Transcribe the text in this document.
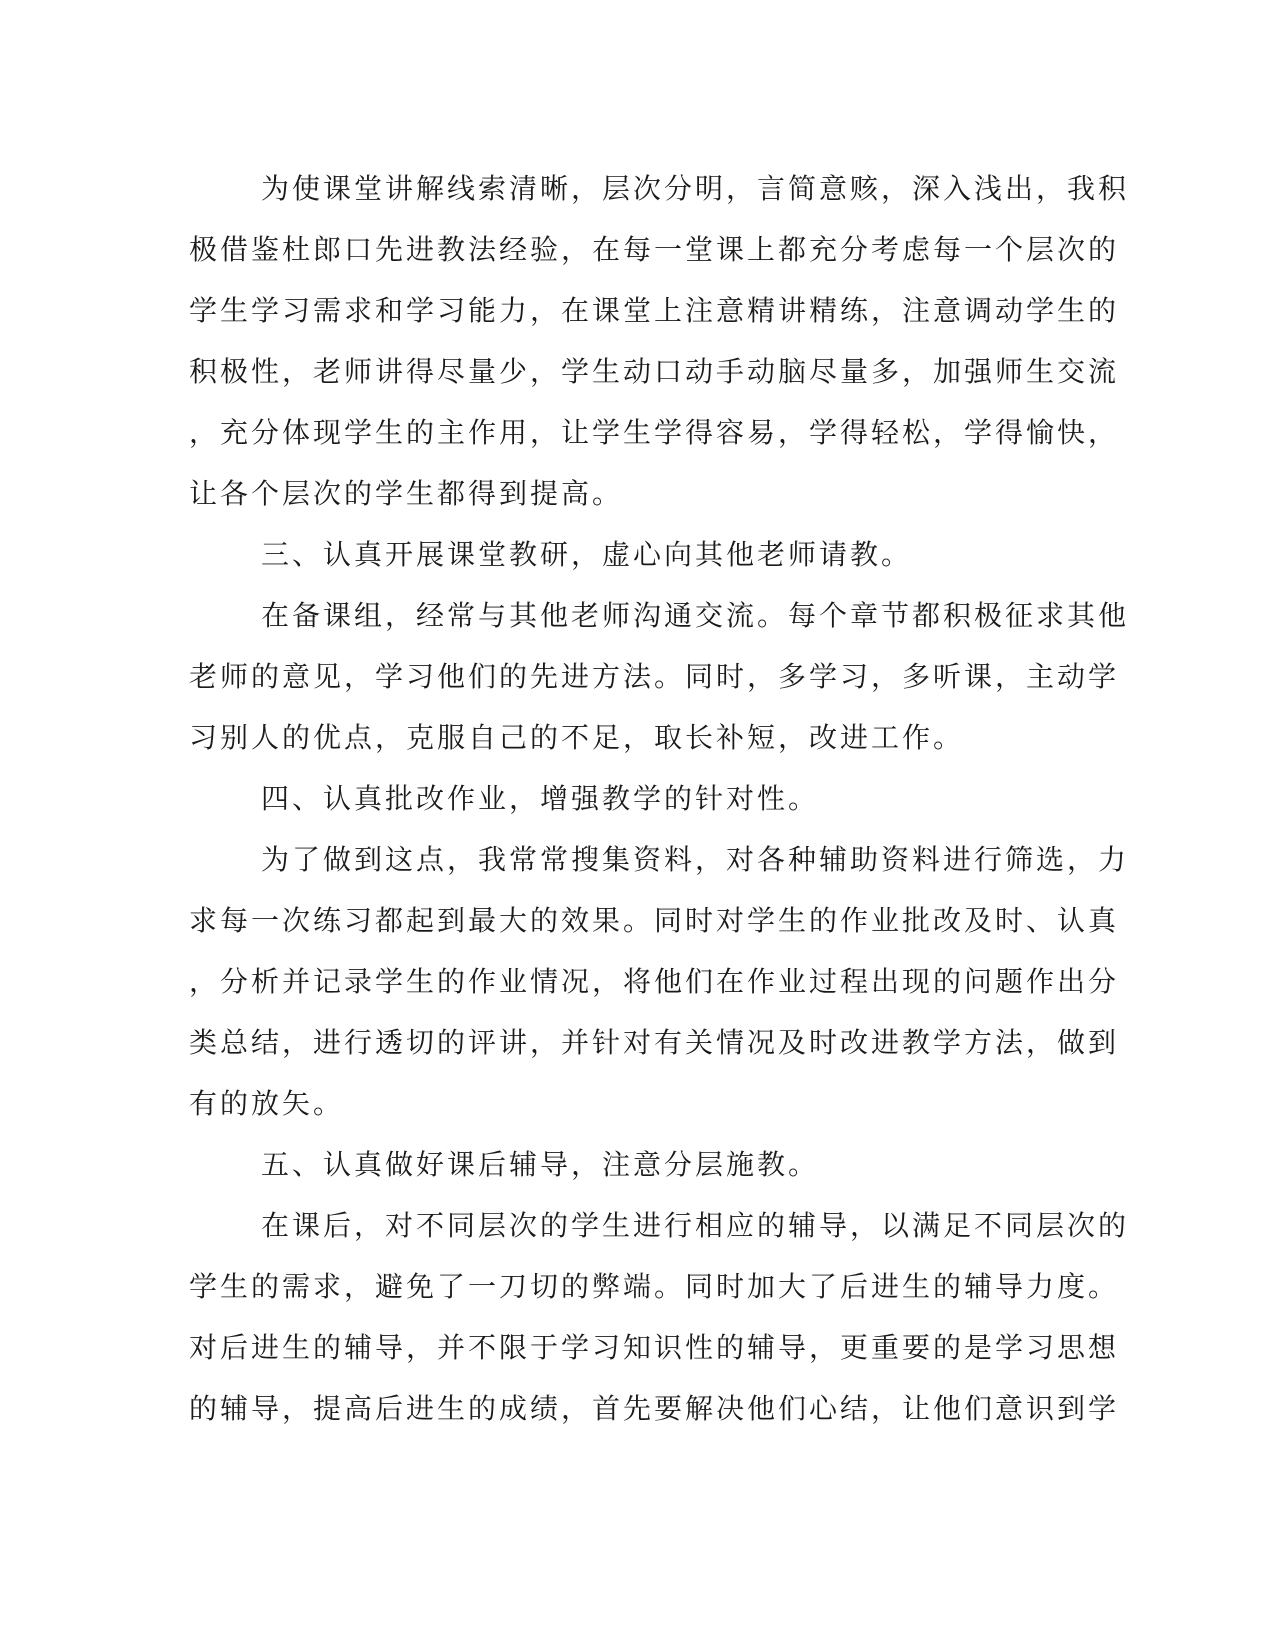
为使课堂讲解线索清晰，层次分明，言简意赅，深入浅出，我积
极借鉴杜郎口先进教法经验，在每一堂课上都充分考虑每一个层次的
学生学习需求和学习能力，在课堂上注意精讲精练，注意调动学生的
积极性，老师讲得尽量少，学生动口动手动脑尽量多，加强师生交流
，充分体现学生的主作用，让学生学得容易，学得轻松，学得愉快，
让各个层次的学生都得到提高。
三、认真开展课堂教研，虚心向其他老师请教。
在备课组，经常与其他老师沟通交流。每个章节都积极征求其他
老师的意见，学习他们的先进方法。同时，多学习，多听课，主动学
习别人的优点，克服自己的不足，取长补短，改进工作。
四、认真批改作业，增强教学的针对性。
为了做到这点，我常常搜集资料，对各种辅助资料进行筛选，力
求每一次练习都起到最大的效果。同时对学生的作业批改及时、认真
，分析并记录学生的作业情况，将他们在作业过程出现的问题作出分
类总结，进行透切的评讲，并针对有关情况及时改进教学方法，做到
有的放矢。
五、认真做好课后辅导，注意分层施教。
在课后，对不同层次的学生进行相应的辅导，以满足不同层次的
学生的需求，避免了一刀切的弊端。同时加大了后进生的辅导力度。
对后进生的辅导，并不限于学习知识性的辅导，更重要的是学习思想
的辅导，提高后进生的成绩，首先要解决他们心结，让他们意识到学
